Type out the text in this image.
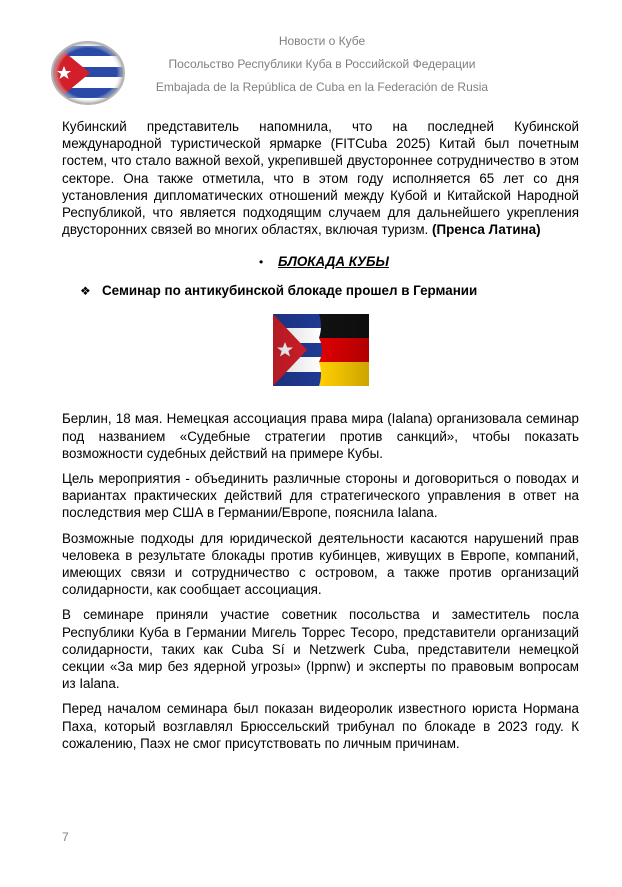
Новости о Кубе
Посольство Республики Куба в Российской Федерации
Embajada de la República de Cuba en la Federación de Rusia

Кубинский представитель напомнила, что на последней Кубинской международной туристической ярмарке (FITCuba 2025) Китай был почетным гостем, что стало важной вехой, укрепившей двустороннее сотрудничество в этом секторе. Она также отметила, что в этом году исполняется 65 лет со дня установления дипломатических отношений между Кубой и Китайской Народной Республикой, что является подходящим случаем для дальнейшего укрепления двусторонних связей во многих областях, включая туризм. (Пренса Латина)

• БЛОКАДА КУБЫ
❖ Семинар по антикубинской блокаде прошел в Германии

Берлин, 18 мая. Немецкая ассоциация права мира (Ialana) организовала семинар под названием «Судебные стратегии против санкций», чтобы показать возможности судебных действий на примере Кубы.

Цель мероприятия - объединить различные стороны и договориться о поводах и вариантах практических действий для стратегического управления в ответ на последствия мер США в Германии/Европе, пояснила Ialana.

Возможные подходы для юридической деятельности касаются нарушений прав человека в результате блокады против кубинцев, живущих в Европе, компаний, имеющих связи и сотрудничество с островом, а также против организаций солидарности, как сообщает ассоциация.

В семинаре приняли участие советник посольства и заместитель посла Республики Куба в Германии Мигель Торрес Тесоро, представители организаций солидарности, таких как Cuba Sí и Netzwerk Cuba, представители немецкой секции «За мир без ядерной угрозы» (Ippnw) и эксперты по правовым вопросам из Ialana.

Перед началом семинара был показан видеоролик известного юриста Нормана Паха, который возглавлял Брюссельский трибунал по блокаде в 2023 году. К сожалению, Паэх не смог присутствовать по личным причинам.

7
